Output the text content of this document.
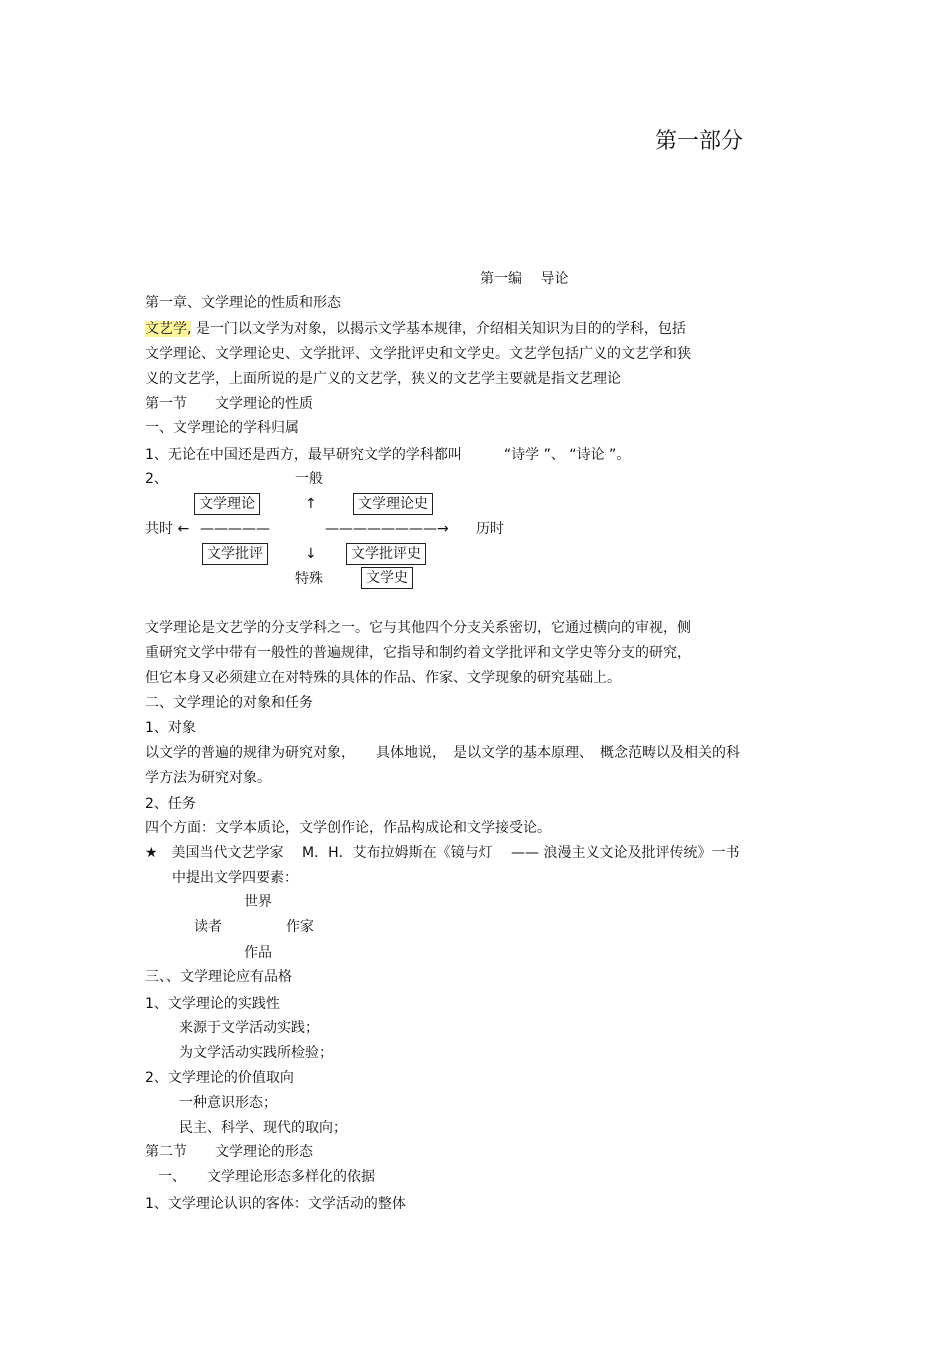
第一部分
第一编　 导论
第一章、文学理论的性质和形态
文艺学, 是一门以文学为对象，以揭示文学基本规律，介绍相关知识为目的的学科，包括
文学理论、文学理论史、文学批评、文学批评史和文学史。文艺学包括广义的文艺学和狭
义的文艺学，上面所说的是广义的文艺学，狭义的文艺学主要就是指文艺理论
第一节　　文学理论的性质
一、文学理论的学科归属
1、无论在中国还是西方，最早研究文学的学科都叫　　　“诗学 ”、 “诗论 ”。
2、	一般
文学理论	↑	文学理论史
共时 ← —————	————————→ 历时
文学批评	↓	文学批评史
特殊	文学史
文学理论是文艺学的分支学科之一。它与其他四个分支关系密切，它通过横向的审视，侧
重研究文学中带有一般性的普遍规律，它指导和制约着文学批评和文学史等分支的研究，
但它本身又必须建立在对特殊的具体的作品、作家、文学现象的研究基础上。
二、文学理论的对象和任务
1、对象
以文学的普遍的规律为研究对象，　　具体地说，　是以文学的基本原理、　概念范畴以及相关的科
学方法为研究对象。
2、任务
四个方面：文学本质论，文学创作论，作品构成论和文学接受论。
★　美国当代文艺学家　 M．H．艾布拉姆斯在《镜与灯　 —— 浪漫主义文论及批评传统》一书
中提出文学四要素：
世界
读者	作家
作品
三、、文学理论应有品格
1、文学理论的实践性
来源于文学活动实践；
为文学活动实践所检验；
2、文学理论的价值取向
一种意识形态；
民主、科学、现代的取向；
第二节　　文学理论的形态
一、　　文学理论形态多样化的依据
1、文学理论认识的客体：文学活动的整体
